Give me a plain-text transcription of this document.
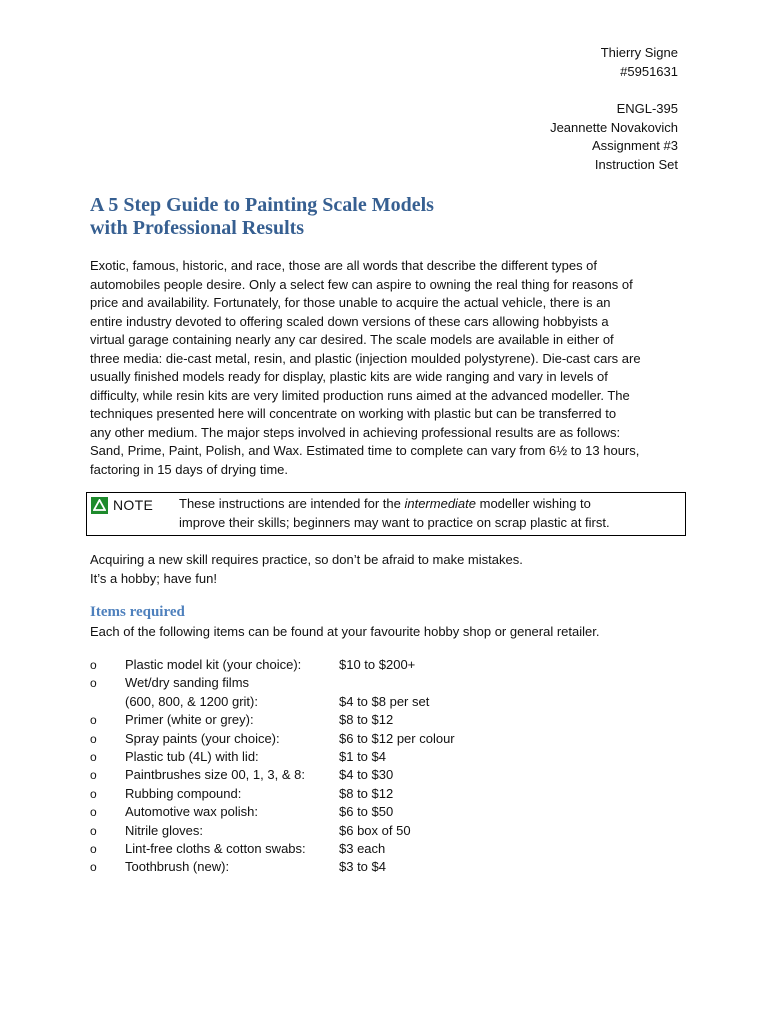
Thierry Signe
#5951631
ENGL-395
Jeannette Novakovich
Assignment #3
Instruction Set
A 5 Step Guide to Painting Scale Models
with Professional Results
Exotic, famous, historic, and race, those are all words that describe the different types of
automobiles people desire. Only a select few can aspire to owning the real thing for reasons of
price and availability. Fortunately, for those unable to acquire the actual vehicle, there is an
entire industry devoted to offering scaled down versions of these cars allowing hobbyists a
virtual garage containing nearly any car desired. The scale models are available in either of
three media: die-cast metal, resin, and plastic (injection moulded polystyrene). Die-cast cars are
usually finished models ready for display, plastic kits are wide ranging and vary in levels of
difficulty, while resin kits are very limited production runs aimed at the advanced modeller. The
techniques presented here will concentrate on working with plastic but can be transferred to
any other medium. The major steps involved in achieving professional results are as follows:
Sand, Prime, Paint, Polish, and Wax. Estimated time to complete can vary from 6½ to 13 hours,
factoring in 15 days of drying time.
NOTE These instructions are intended for the intermediate modeller wishing to
improve their skills; beginners may want to practice on scrap plastic at first.
Acquiring a new skill requires practice, so don’t be afraid to make mistakes.
It’s a hobby; have fun!
Items required
Each of the following items can be found at your favourite hobby shop or general retailer.
o Plastic model kit (your choice):	$10 to $200+
o Wet/dry sanding films
(600, 800, & 1200 grit):	$4 to $8 per set
o Primer (white or grey):	$8 to $12
o Spray paints (your choice):	$6 to $12 per colour
o Plastic tub (4L) with lid:	$1 to $4
o Paintbrushes size 00, 1, 3, & 8:	$4 to $30
o Rubbing compound:	$8 to $12
o Automotive wax polish:	$6 to $50
o Nitrile gloves:	$6 box of 50
o Lint-free cloths & cotton swabs:	$3 each
o Toothbrush (new):	$3 to $4
